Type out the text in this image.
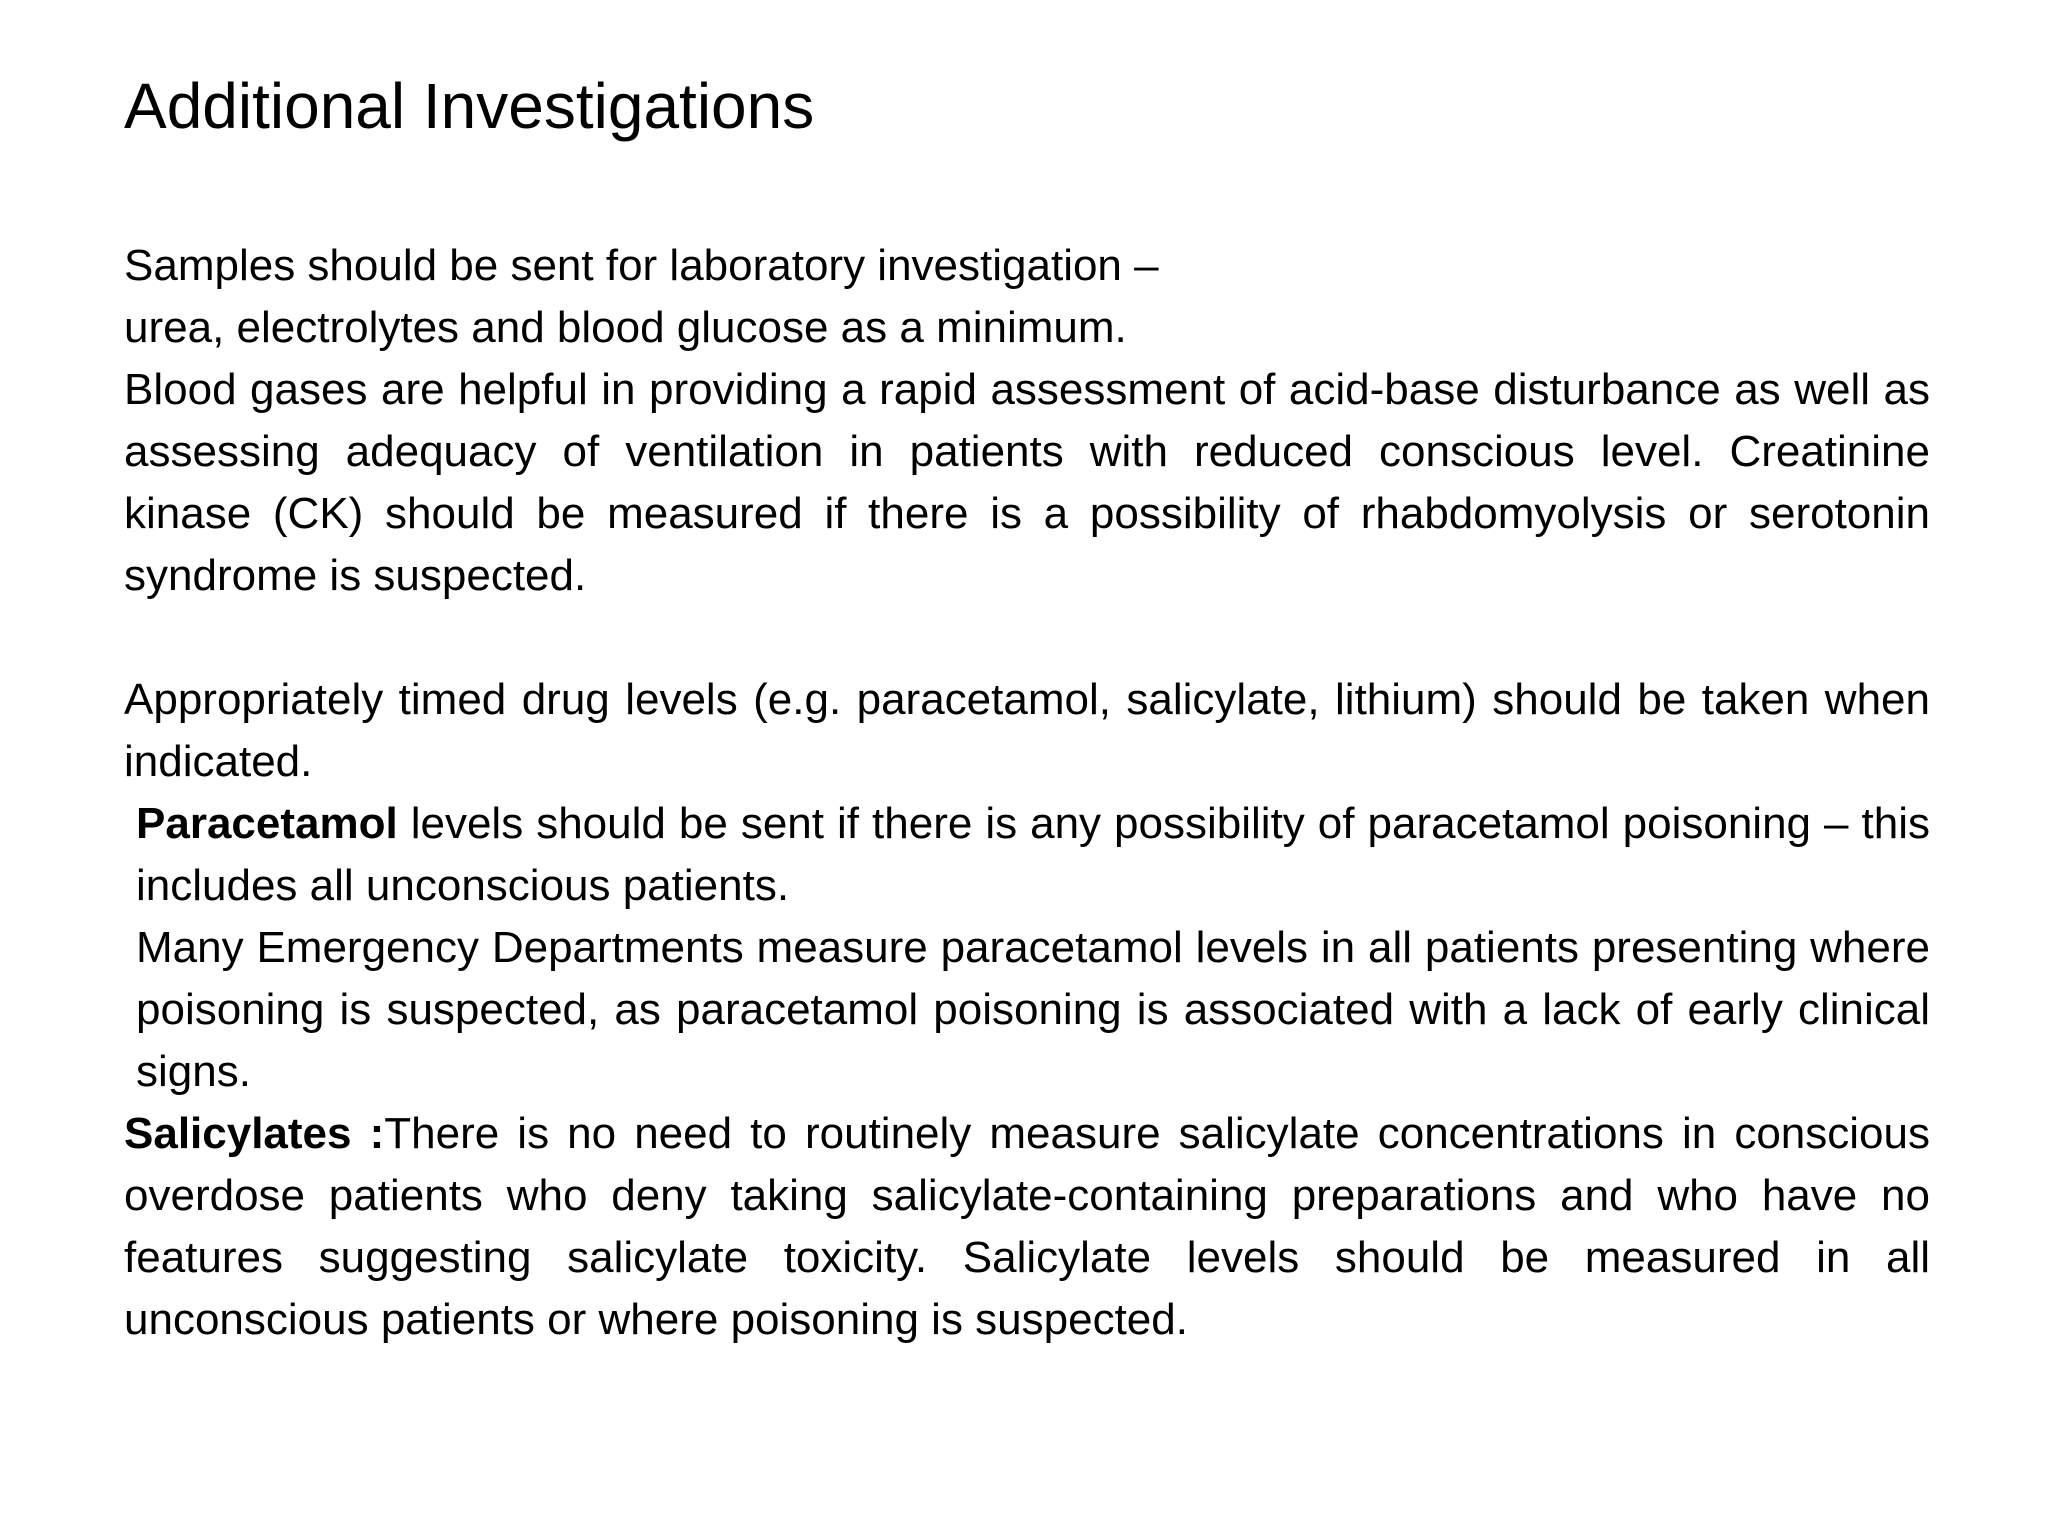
Additional Investigations

Samples should be sent for laboratory investigation –

urea, electrolytes and blood glucose as a minimum.

Blood gases are helpful in providing a rapid assessment of acid-base disturbance as well as assessing adequacy of ventilation in patients with reduced conscious level. Creatinine kinase (CK) should be measured if there is a possibility of rhabdomyolysis or serotonin syndrome is suspected.

Appropriately timed drug levels (e.g. paracetamol, salicylate, lithium) should be taken when indicated.

Paracetamol levels should be sent if there is any possibility of paracetamol poisoning – this includes all unconscious patients.

Many Emergency Departments measure paracetamol levels in all patients presenting where poisoning is suspected, as paracetamol poisoning is associated with a lack of early clinical signs.

Salicylates :There is no need to routinely measure salicylate concentrations in conscious overdose patients who deny taking salicylate-containing preparations and who have no features suggesting salicylate toxicity. Salicylate levels should be measured in all unconscious patients or where poisoning is suspected.
